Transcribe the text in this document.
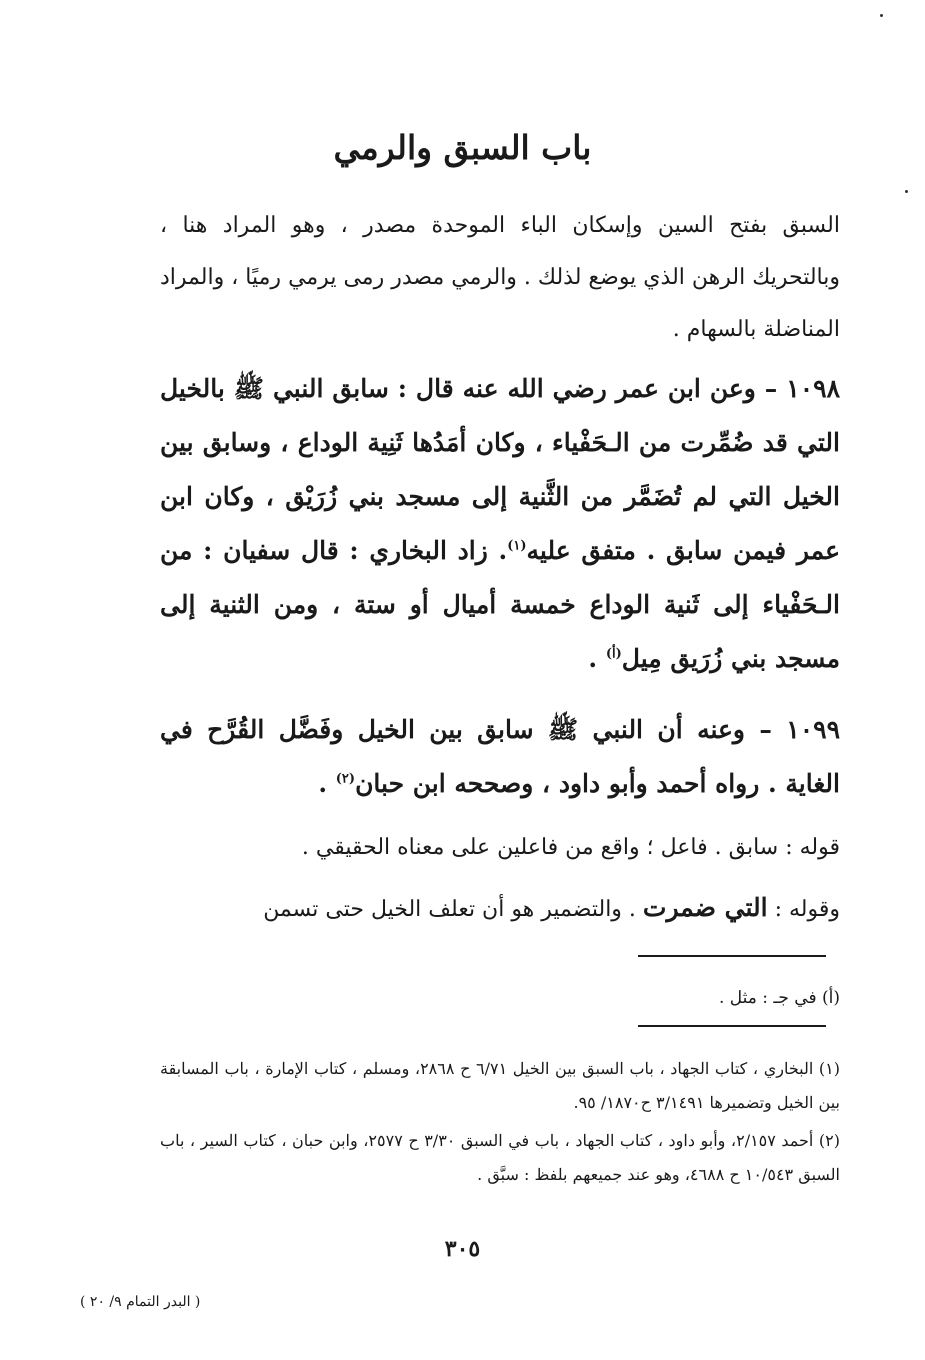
باب السبق والرمي

السبق بفتح السين وإسكان الباء الموحدة مصدر ، وهو المراد هنا ، وبالتحريك الرهن الذي يوضع لذلك . والرمي مصدر رمى يرمي رميًا ، والمراد المناضلة بالسهام .

١٠٩٨ – وعن ابن عمر رضي الله عنه قال : سابق النبي ﷺ بالخيل التي قد ضُمِّرت من الـحَفْياء ، وكان أمَدُها ثَنِية الوداع ، وسابق بين الخيل التي لم تُضَمَّر من الثَّنية إلى مسجد بني زُرَيْق ، وكان ابن عمر فيمن سابق . متفق عليه$^{(١)}$. زاد البخاري : قال سفيان : من الـحَفْياء إلى ثَنية الوداع خمسة أميال أو ستة ، ومن الثنية إلى مسجد بني زُرَيق مِيل$^{(أ)}$ .

١٠٩٩ – وعنه أن النبي ﷺ سابق بين الخيل وفَضَّل القُرَّح في الغاية . رواه أحمد وأبو داود ، وصححه ابن حبان$^{(٢)}$ .

قوله : سابق . فاعل ؛ واقع من فاعلين على معناه الحقيقي .

وقوله : التي ضمرت . والتضمير هو أن تعلف الخيل حتى تسمن

(أ) في جـ : مثل .

(١) البخاري ، كتاب الجهاد ، باب السبق بين الخيل ٦/٧١ ح ٢٨٦٨، ومسلم ، كتاب الإمارة ، باب المسابقة بين الخيل وتضميرها ٣/١٤٩١ ح١٨٧٠/ ٩٥.

(٢) أحمد ٢/١٥٧، وأبو داود ، كتاب الجهاد ، باب في السبق ٣/٣٠ ح ٢٥٧٧، وابن حبان ، كتاب السير ، باب السبق ١٠/٥٤٣ ح ٤٦٨٨، وهو عند جميعهم بلفظ : سبَّق .

٣٠٥
( البدر التمام ٩/ ٢٠ )
